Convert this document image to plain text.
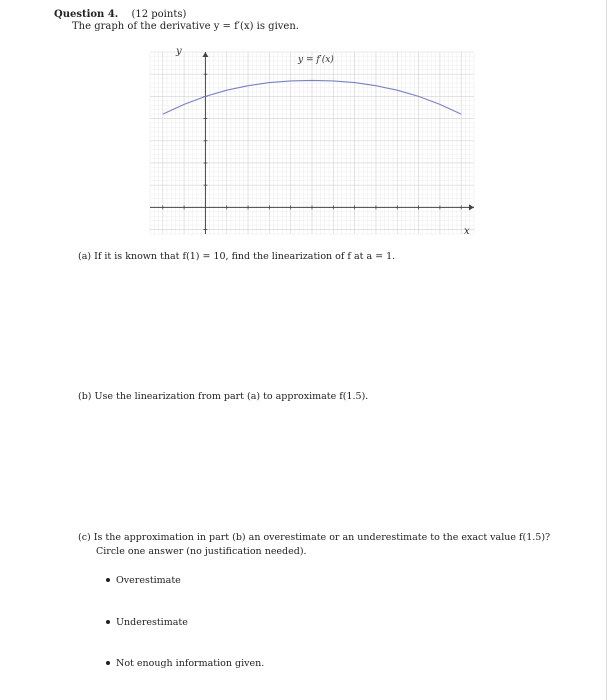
Question 4. (12 points)
The graph of the derivative y = f′(x) is given.
y
x
y = f′(x)
(a) If it is known that f(1) = 10, find the linearization of f at a = 1.
(b) Use the linearization from part (a) to approximate f(1.5).
(c) Is the approximation in part (b) an overestimate or an underestimate to the exact value f(1.5)?
Circle one answer (no justification needed).
Overestimate
Underestimate
Not enough information given.
